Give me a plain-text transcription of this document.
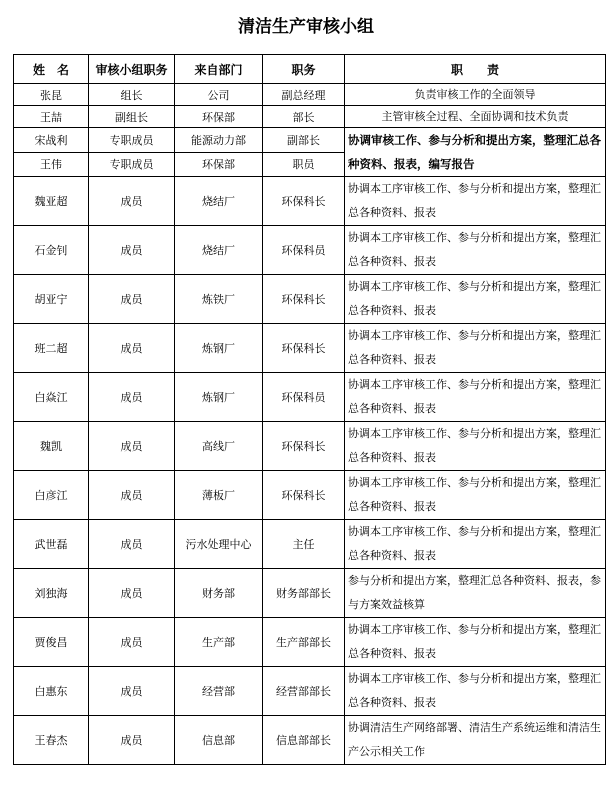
清洁生产审核小组
姓　名	审核小组职务	来自部门	职务	职　　责
张昆	组长	公司	副总经理	负责审核工作的全面领导
王喆	副组长	环保部	部长	主管审核全过程、全面协调和技术负责
宋战利	专职成员	能源动力部	副部长	协调审核工作、参与分析和提出方案，整理汇总各种资料、报表，编写报告
王伟	专职成员	环保部	职员	
魏亚超	成员	烧结厂	环保科长	协调本工序审核工作、参与分析和提出方案，整理汇总各种资料、报表
石金钊	成员	烧结厂	环保科员	协调本工序审核工作、参与分析和提出方案，整理汇总各种资料、报表
胡亚宁	成员	炼铁厂	环保科长	协调本工序审核工作、参与分析和提出方案，整理汇总各种资料、报表
班二超	成员	炼钢厂	环保科长	协调本工序审核工作、参与分析和提出方案，整理汇总各种资料、报表
白焱江	成员	炼钢厂	环保科员	协调本工序审核工作、参与分析和提出方案，整理汇总各种资料、报表
魏凯	成员	高线厂	环保科长	协调本工序审核工作、参与分析和提出方案，整理汇总各种资料、报表
白彦江	成员	薄板厂	环保科长	协调本工序审核工作、参与分析和提出方案，整理汇总各种资料、报表
武世磊	成员	污水处理中心	主任	协调本工序审核工作、参与分析和提出方案，整理汇总各种资料、报表
刘独海	成员	财务部	财务部部长	参与分析和提出方案，整理汇总各种资料、报表，参与方案效益核算
贾俊昌	成员	生产部	生产部部长	协调本工序审核工作、参与分析和提出方案，整理汇总各种资料、报表
白惠东	成员	经营部	经营部部长	协调本工序审核工作、参与分析和提出方案，整理汇总各种资料、报表
王春杰	成员	信息部	信息部部长	协调清洁生产网络部署、清洁生产系统运维和清洁生产公示相关工作
